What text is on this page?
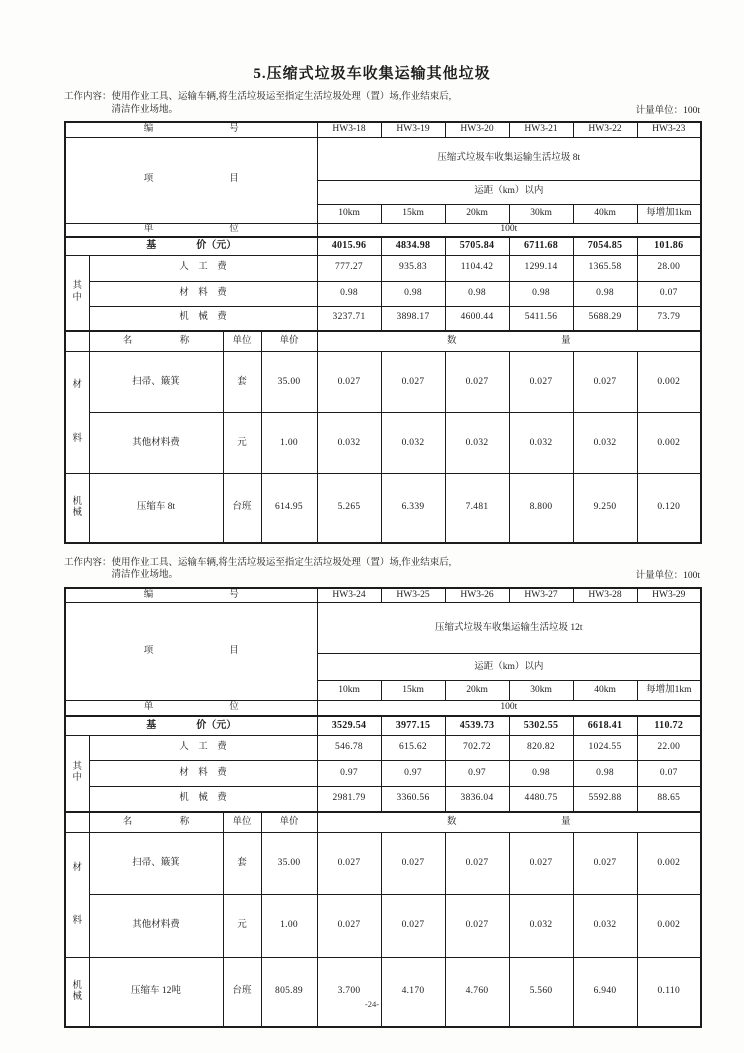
5.压缩式垃圾车收集运输其他垃圾
工作内容： 使用作业工具、运输车辆,将生活垃圾运至指定生活垃圾处理（置）场,作业结束后,
清洁作业场地。	计量单位：100t
编　　　　　　　　号				HW3-18	HW3-19	HW3-20	HW3-21	HW3-22	HW3-23
项　　　　　　　　目				压缩式垃圾车收集运输生活垃圾 8t					
				运距（km）以内					
				10km	15km	20km	30km	40km	每增加1km
单　　　　　　　　位				100t					
基　　　　价（元）				4015.96	4834.98	5705.84	6711.68	7054.85	101.86

其
中	人　工　费			777.27	935.83	1104.42	1299.14	1365.58	28.00
	材　料　费			0.98	0.98	0.98	0.98	0.98	0.07
	机　械　费			3237.71	3898.17	4600.44	5411.56	5688.29	73.79
	名　　　　　称	单位	单价	数　　　　　　　　　　　量					

材
料	扫帚、簸箕	套	35.00	0.027	0.027	0.027	0.027	0.027	0.002
	其他材料费	元	1.00	0.032	0.032	0.032	0.032	0.032	0.002

机
械	压缩车 8t	台班	614.95	5.265	6.339	7.481	8.800	9.250	0.120
工作内容： 使用作业工具、运输车辆,将生活垃圾运至指定生活垃圾处理（置）场,作业结束后,
清洁作业场地。	计量单位：100t
编　　　　　　　　号				HW3-24	HW3-25	HW3-26	HW3-27	HW3-28	HW3-29
项　　　　　　　　目				压缩式垃圾车收集运输生活垃圾 12t					
				运距（km）以内					
				10km	15km	20km	30km	40km	每增加1km
单　　　　　　　　位				100t					
基　　　　价（元）				3529.54	3977.15	4539.73	5302.55	6618.41	110.72

其
中	人　工　费			546.78	615.62	702.72	820.82	1024.55	22.00
	材　料　费			0.97	0.97	0.97	0.98	0.98	0.07
	机　械　费			2981.79	3360.56	3836.04	4480.75	5592.88	88.65
	名　　　　　称	单位	单价	数　　　　　　　　　　　量					

材
料	扫帚、簸箕	套	35.00	0.027	0.027	0.027	0.027	0.027	0.002
	其他材料费	元	1.00	0.027	0.027	0.027	0.032	0.032	0.002

机
械	压缩车 12吨	台班	805.89	3.700	4.170	4.760	5.560	6.940	0.110
-24-
